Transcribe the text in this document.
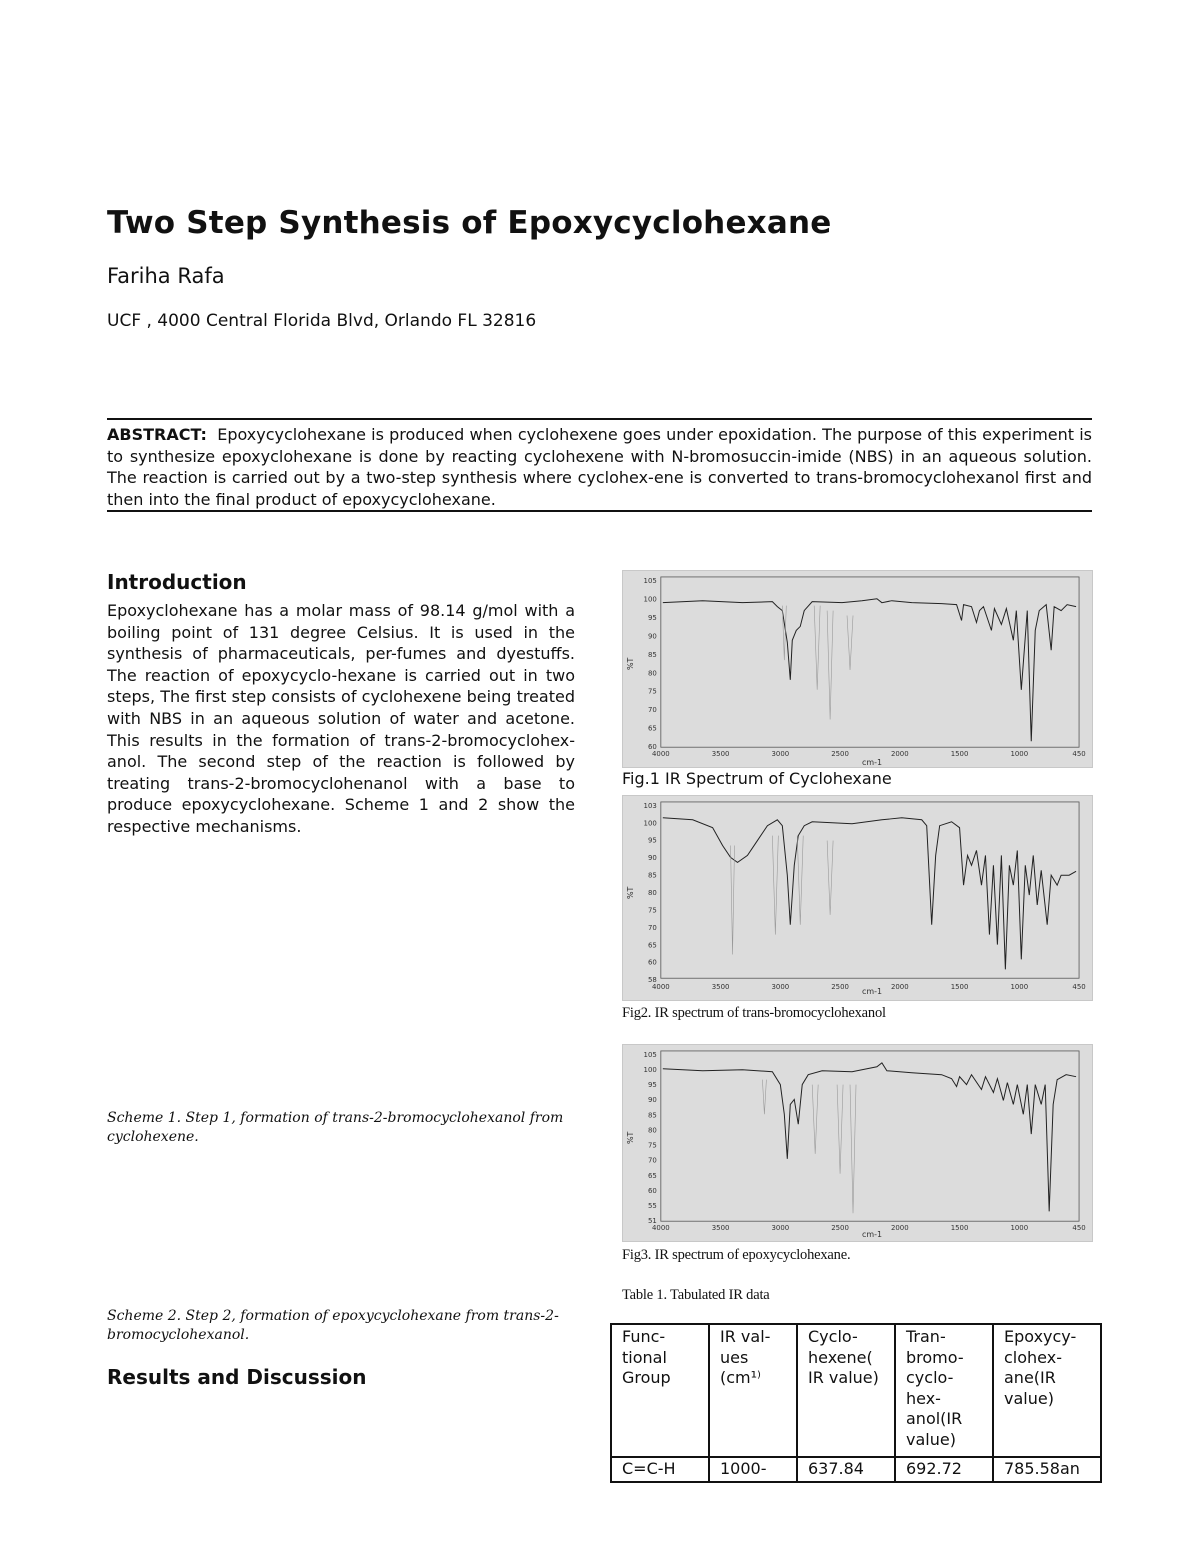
Two Step Synthesis of Epoxycyclohexane
Fariha Rafa
UCF , 4000 Central Florida Blvd, Orlando FL 32816
ABSTRACT: Epoxycyclohexane is produced when cyclohexene goes under epoxidation. The purpose of this experiment is to synthesize epoxyclohexane is done by reacting cyclohexene with N-bromosuccin-imide (NBS) in an aqueous solution. The reaction is carried out by a two-step synthesis where cyclohex-ene is converted to trans-bromocyclohexanol first and then into the final product of epoxycyclohexane.
Introduction
Epoxyclohexane has a molar mass of 98.14 g/mol with a boiling point of 131 degree Celsius. It is used in the synthesis of pharmaceuticals, per-fumes and dyestuffs. The reaction of epoxycyclo-hexane is carried out in two steps, The first step consists of cyclohexene being treated with NBS in an aqueous solution of water and acetone. This results in the formation of trans-2-bromocyclohex-anol. The second step of the reaction is followed by treating trans-2-bromocyclohenanol with a base to produce epoxycyclohexane. Scheme 1 and 2 show the respective mechanisms.
Scheme 1. Step 1, formation of trans-2-bromocyclohexanol from cyclohexene.
Scheme 2. Step 2, formation of epoxycyclohexane from trans-2-bromocyclohexanol.
Results and Discussion
105
100
95
90
85
80
75
70
65
60
4000	3500	3000	2500	2000	1500	1000	450
%T
cm-1
Fig.1 IR Spectrum of Cyclohexane
103
100
95
90
85
80
75
70
65
60
58
4000	3500	3000	2500	2000	1500	1000	450
%T
cm-1
Fig2. IR spectrum of trans-bromocyclohexanol
105
100
95
90
85
80
75
70
65
60
55
51
4000	3500	3000	2500	2000	1500	1000	450
%T
cm-1
Fig3. IR spectrum of epoxycyclohexane.
Table 1. Tabulated IR data
Func-tional Group	IR val-ues (cm¹⁾	Cyclo-hexene( IR value)	Tran-bromo-cyclo-hex-anol(IR value)	Epoxycy-clohex-ane(IR value)
C=C-H	1000-	637.84	692.72	785.58an
